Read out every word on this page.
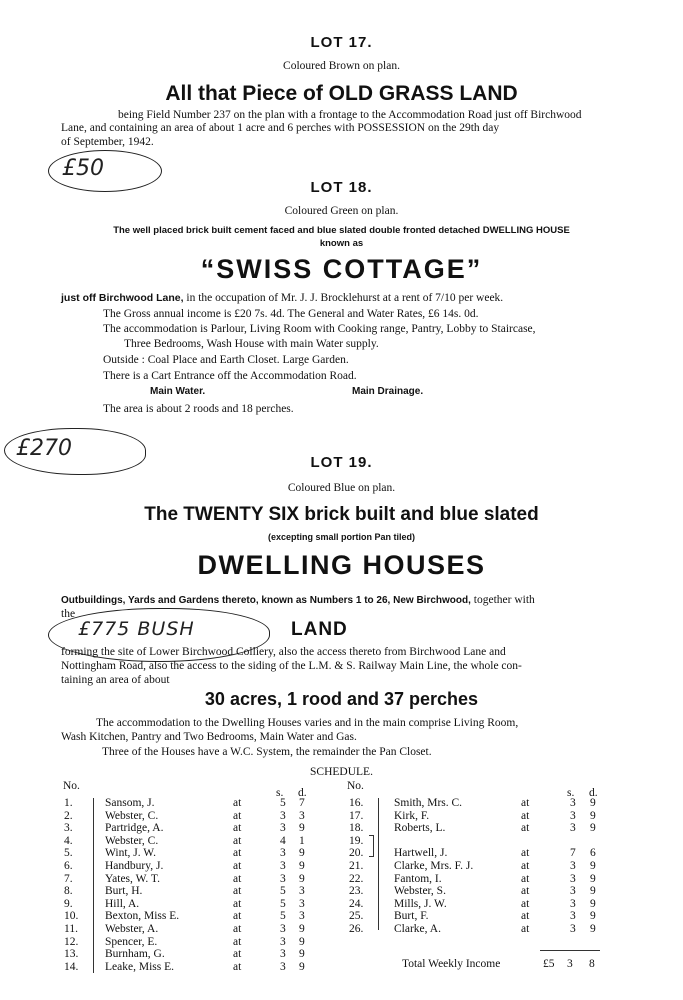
LOT 17.
Coloured Brown on plan.
All that Piece of OLD GRASS LAND
being Field Number 237 on the plan with a frontage to the Accommodation Road just off Birchwood
Lane, and containing an area of about 1 acre and 6 perches with POSSESSION on the 29th day
of September, 1942.
£50
LOT 18.
Coloured Green on plan.
The well placed brick built cement faced and blue slated double fronted detached DWELLING HOUSE
known as
“SWISS COTTAGE”
just off Birchwood Lane, in the occupation of Mr. J. J. Brocklehurst at a rent of 7/10 per week.
The Gross annual income is £20 7s. 4d. The General and Water Rates, £6 14s. 0d.
The accommodation is Parlour, Living Room with Cooking range, Pantry, Lobby to Staircase,
Three Bedrooms, Wash House with main Water supply.
Outside : Coal Place and Earth Closet. Large Garden.
There is a Cart Entrance off the Accommodation Road.
Main Water.	Main Drainage.
The area is about 2 roods and 18 perches.
£270
LOT 19.
Coloured Blue on plan.
The TWENTY SIX brick built and blue slated
(excepting small portion Pan tiled)
DWELLING HOUSES
Outbuildings, Yards and Gardens thereto, known as Numbers 1 to 26, New Birchwood, together with
the
LAND
£775 BUSH
forming the site of Lower Birchwood Colliery, also the access thereto from Birchwood Lane and
Nottingham Road, also the access to the siding of the L.M. & S. Railway Main Line, the whole con-
taining an area of about
30 acres, 1 rood and 37 perches
The accommodation to the Dwelling Houses varies and in the main comprise Living Room,
Wash Kitchen, Pantry and Two Bedrooms, Main Water and Gas.
Three of the Houses have a W.C. System, the remainder the Pan Closet.
SCHEDULE.
No.	No.
s. d.	s. d.
1.	Sansom, J.	at	5 7
2.	Webster, C.	at	3 3
3.	Partridge, A.	at	3 9
4.	Webster, C.	at	4 1
5.	Wint, J. W.	at	3 9
6.	Handbury, J.	at	3 9
7.	Yates, W. T.	at	3 9
8.	Burt, H.	at	5 3
9.	Hill, A.	at	5 3
10. Bexton, Miss E.	at	5 3
11. Webster, A.	at	3 9
12. Spencer, E.	at	3 9
13. Burnham, G.	at	3 9
14. Leake, Miss E.	at	3 9
16.	Smith, Mrs. C.	at	3 9
17.	Kirk, F.	at	3 9
18.	Roberts, L.	at	3 9
19.
20.	Hartwell, J.	at	7 6
21.	Clarke, Mrs. F. J.	at	3 9
22.	Fantom, I.	at	3 9
23.	Webster, S.	at	3 9
24.	Mills, J. W.	at	3 9
25.	Burt, F.	at	3 9
26.	Clarke, A.	at	3 9
Total Weekly Income	£5 3 8
